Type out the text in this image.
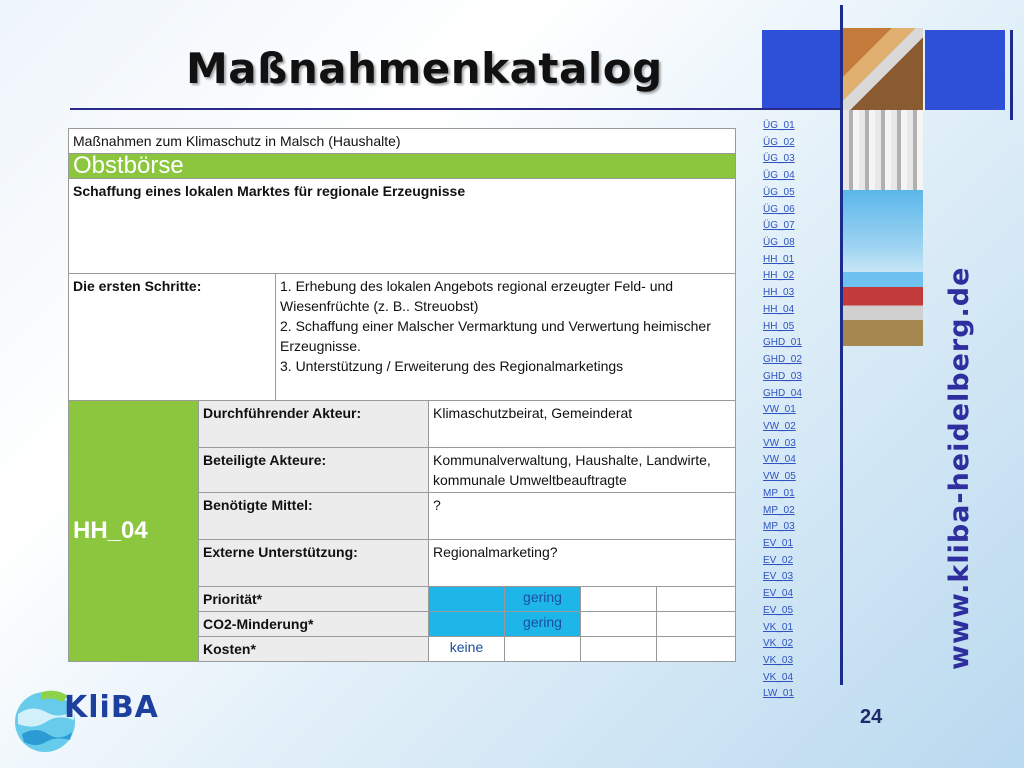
Maßnahmenkatalog
Maßnahmen zum Klimaschutz in Malsch (Haushalte)							
Obstbörse							
Schaffung eines lokalen Marktes für regionale Erzeugnisse							
Die ersten Schritte:		1. Erhebung des lokalen Angebots regional erzeugter Feld- und Wiesenfrüchte (z. B.. Streuobst)
2. Schaffung einer Malscher Vermarktung und Verwertung heimischer Erzeugnisse.
3. Unterstützung / Erweiterung des Regionalmarketings					

HH_04	Durchführender Akteur:		Klimaschutzbeirat, Gemeinderat				
	Beteiligte Akteure:		Kommunalverwaltung, Haushalte, Landwirte, kommunale Umweltbeauftragte				
	Benötigte Mittel:		?				
	Externe Unterstützung:		Regionalmarketing?				
	Priorität*			gering			
	CO2-Minderung*			gering			
	Kosten*		keine				
ÜG_01
ÜG_02
ÜG_03
ÜG_04
ÜG_05
ÜG_06
ÜG_07
ÜG_08
HH_01
HH_02
HH_03
HH_04
HH_05
GHD_01
GHD_02
GHD_03
GHD_04
VW_01
VW_02
VW_03
VW_04
VW_05
MP_01
MP_02
MP_03
EV_01
EV_02
EV_03
EV_04
EV_05
VK_01
VK_02
VK_03
VK_04
LW_01
www.kliba-heidelberg.de
24
KliBA
